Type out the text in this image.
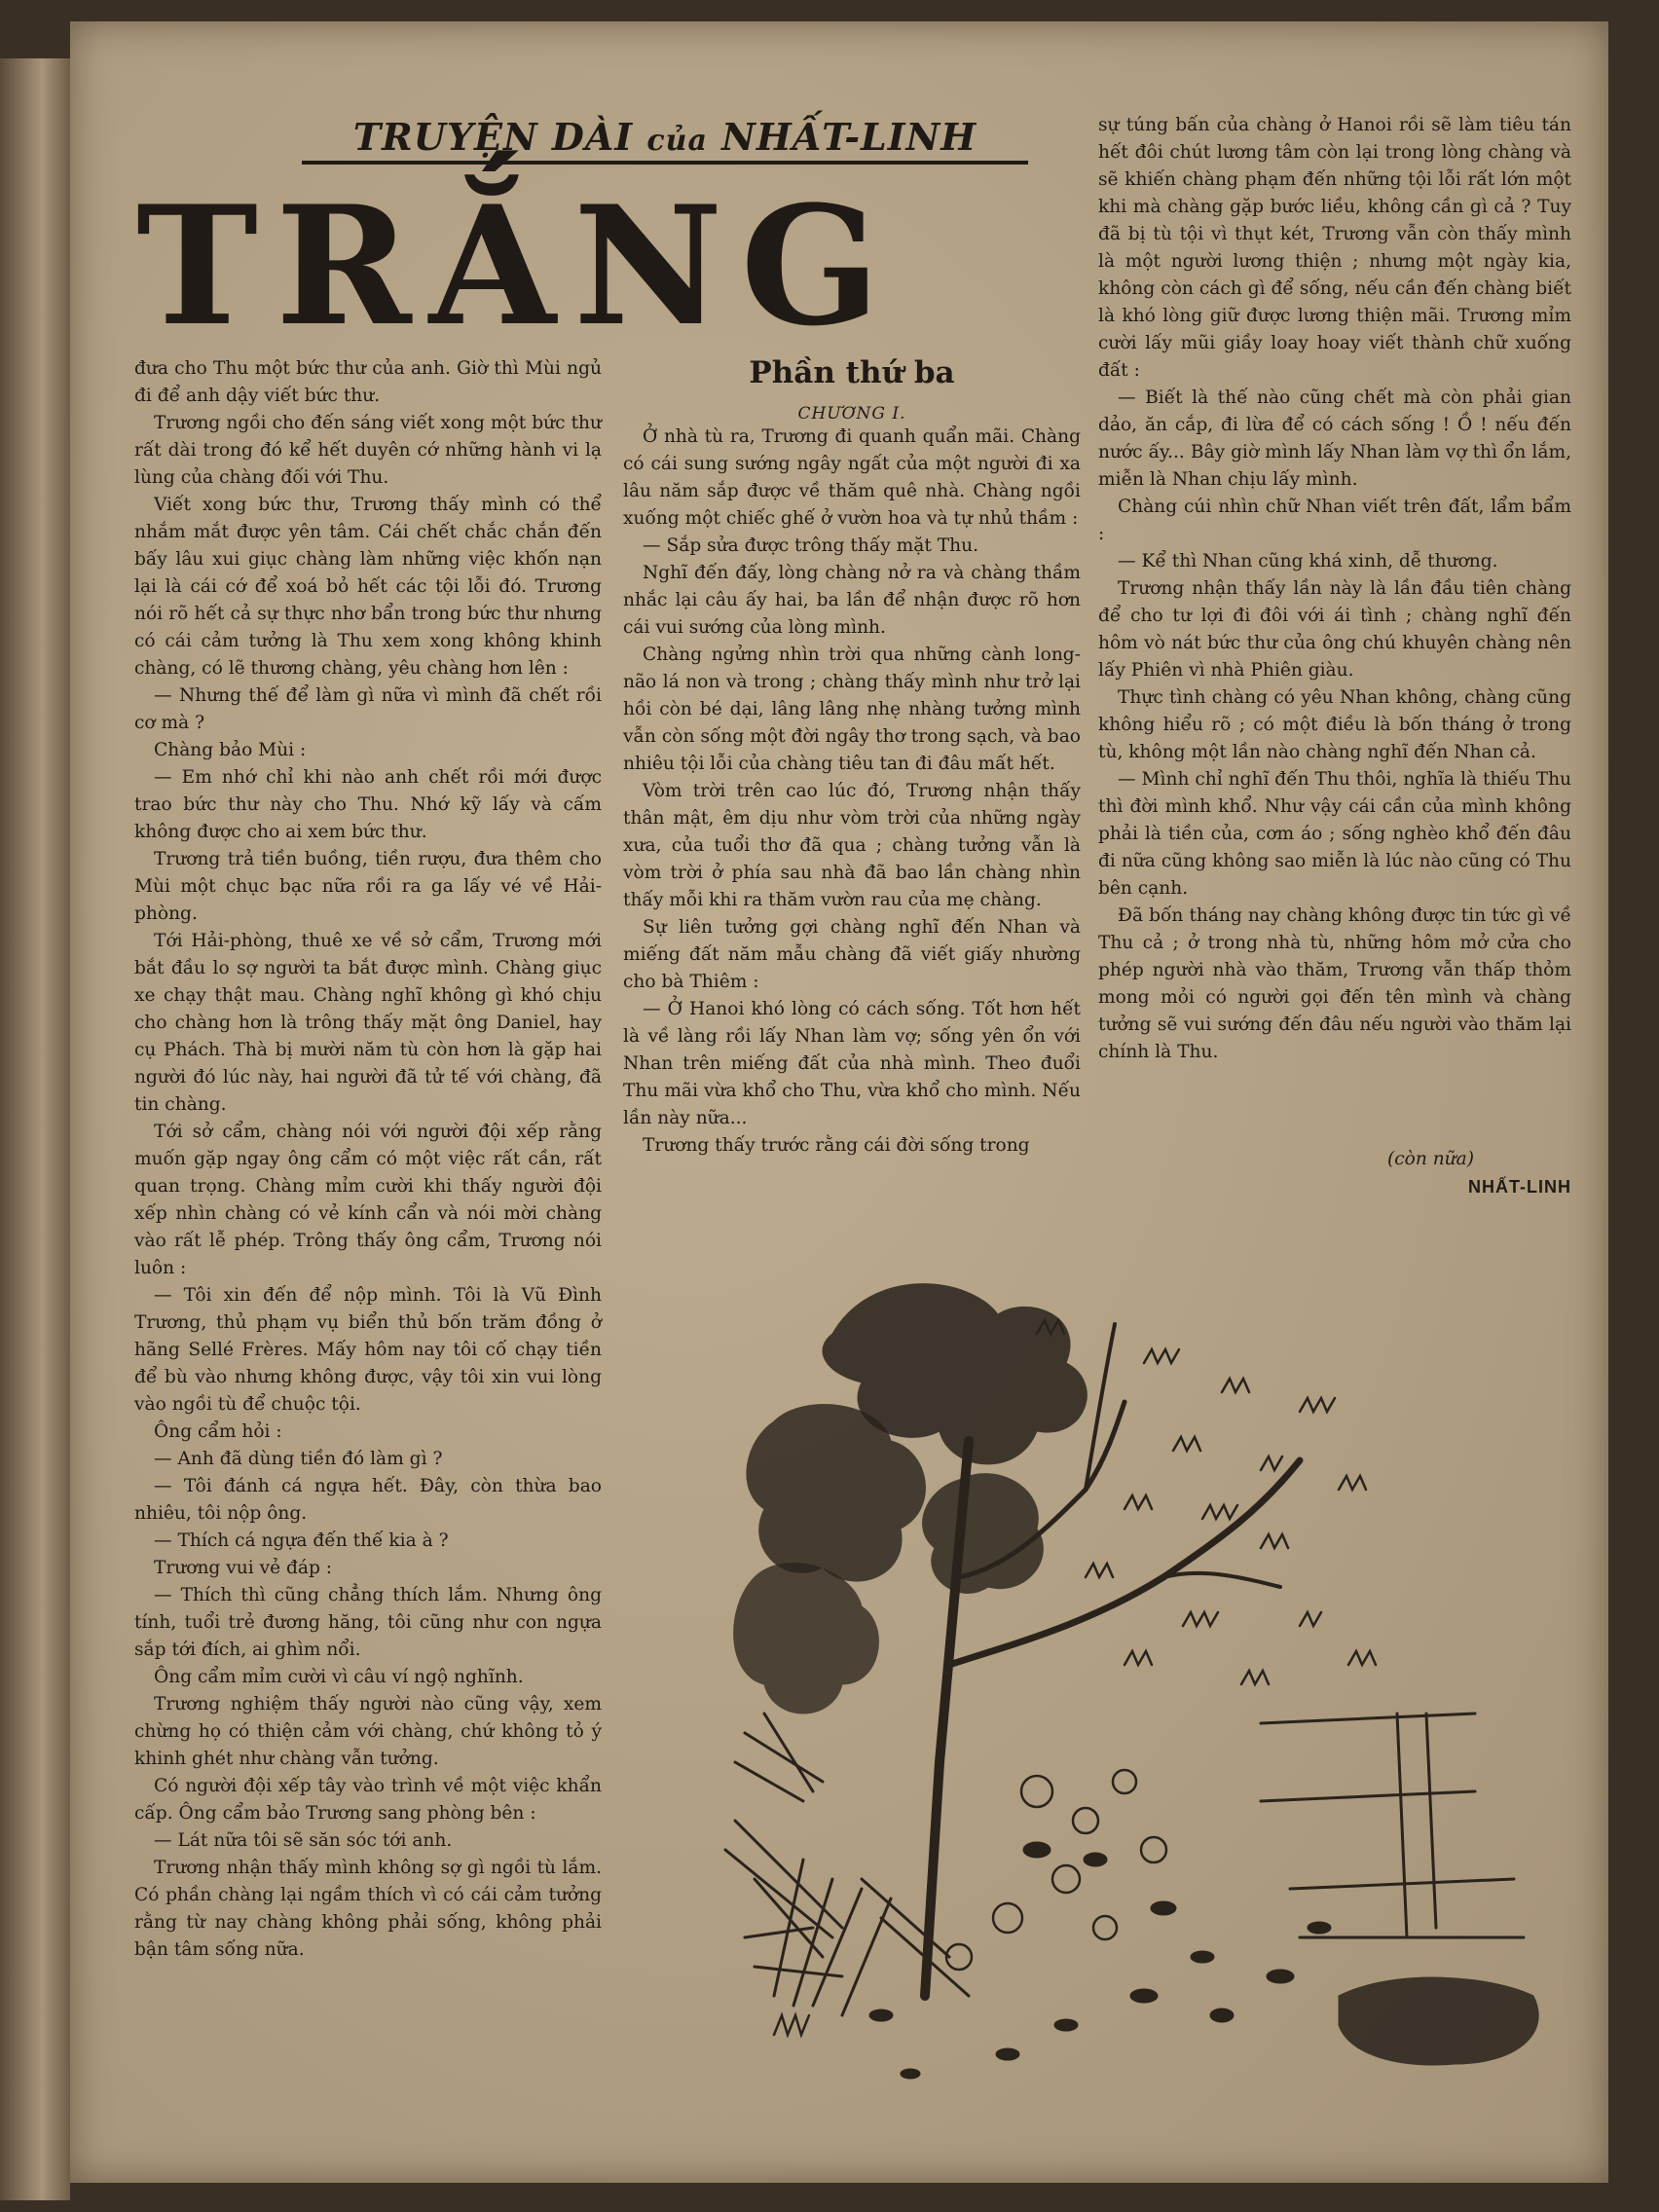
TRUYỆN DÀI của NHẤT-LINH
TRẮNG
Phần thứ ba
CHƯƠNG I.

đưa cho Thu một bức thư của anh. Giờ thì Mùi ngủ đi để anh dậy viết bức thư.

Trương ngồi cho đến sáng viết xong một bức thư rất dài trong đó kể hết duyên cớ những hành vi lạ lùng của chàng đối với Thu.

Viết xong bức thư, Trương thấy mình có thể nhắm mắt được yên tâm. Cái chết chắc chắn đến bấy lâu xui giục chàng làm những việc khốn nạn lại là cái cớ để xoá bỏ hết các tội lỗi đó. Trương nói rõ hết cả sự thực nhơ bẩn trong bức thư nhưng có cái cảm tưởng là Thu xem xong không khinh chàng, có lẽ thương chàng, yêu chàng hơn lên :

— Nhưng thế để làm gì nữa vì mình đã chết rồi cơ mà ?

Chàng bảo Mùi :

— Em nhớ chỉ khi nào anh chết rồi mới được trao bức thư này cho Thu. Nhớ kỹ lấy và cấm không được cho ai xem bức thư.

Trương trả tiền buồng, tiền rượu, đưa thêm cho Mùi một chục bạc nữa rồi ra ga lấy vé về Hải-phòng.

Tới Hải-phòng, thuê xe về sở cẩm, Trương mới bắt đầu lo sợ người ta bắt được mình. Chàng giục xe chạy thật mau. Chàng nghĩ không gì khó chịu cho chàng hơn là trông thấy mặt ông Daniel, hay cụ Phách. Thà bị mười năm tù còn hơn là gặp hai người đó lúc này, hai người đã tử tế với chàng, đã tin chàng.

Tới sở cẩm, chàng nói với người đội xếp rằng muốn gặp ngay ông cẩm có một việc rất cần, rất quan trọng. Chàng mỉm cười khi thấy người đội xếp nhìn chàng có vẻ kính cẩn và nói mời chàng vào rất lễ phép. Trông thấy ông cẩm, Trương nói luôn :

— Tôi xin đến để nộp mình. Tôi là Vũ Đình Trương, thủ phạm vụ biển thủ bốn trăm đồng ở hãng Sellé Frères. Mấy hôm nay tôi cố chạy tiền để bù vào nhưng không được, vậy tôi xin vui lòng vào ngồi tù để chuộc tội.

Ông cẩm hỏi :

— Anh đã dùng tiền đó làm gì ?

— Tôi đánh cá ngựa hết. Đây, còn thừa bao nhiêu, tôi nộp ông.

— Thích cá ngựa đến thế kia à ?

Trương vui vẻ đáp :

— Thích thì cũng chẳng thích lắm. Nhưng ông tính, tuổi trẻ đương hăng, tôi cũng như con ngựa sắp tới đích, ai ghìm nổi.

Ông cẩm mỉm cười vì câu ví ngộ nghĩnh.

Trương nghiệm thấy người nào cũng vậy, xem chừng họ có thiện cảm với chàng, chứ không tỏ ý khinh ghét như chàng vẫn tưởng.

Có người đội xếp tây vào trình về một việc khẩn cấp. Ông cẩm bảo Trương sang phòng bên :

— Lát nữa tôi sẽ săn sóc tới anh.

Trương nhận thấy mình không sợ gì ngồi tù lắm. Có phần chàng lại ngầm thích vì có cái cảm tưởng rằng từ nay chàng không phải sống, không phải bận tâm sống nữa.

Ở nhà tù ra, Trương đi quanh quẩn mãi. Chàng có cái sung sướng ngây ngất của một người đi xa lâu năm sắp được về thăm quê nhà. Chàng ngồi xuống một chiếc ghế ở vườn hoa và tự nhủ thầm :

— Sắp sửa được trông thấy mặt Thu.

Nghĩ đến đấy, lòng chàng nở ra và chàng thầm nhắc lại câu ấy hai, ba lần để nhận được rõ hơn cái vui sướng của lòng mình.

Chàng ngửng nhìn trời qua những cành long-não lá non và trong ; chàng thấy mình như trở lại hồi còn bé dại, lâng lâng nhẹ nhàng tưởng mình vẫn còn sống một đời ngây thơ trong sạch, và bao nhiêu tội lỗi của chàng tiêu tan đi đâu mất hết.

Vòm trời trên cao lúc đó, Trương nhận thấy thân mật, êm dịu như vòm trời của những ngày xưa, của tuổi thơ đã qua ; chàng tưởng vẫn là vòm trời ở phía sau nhà đã bao lần chàng nhìn thấy mỗi khi ra thăm vườn rau của mẹ chàng.

Sự liên tưởng gợi chàng nghĩ đến Nhan và miếng đất năm mẫu chàng đã viết giấy nhường cho bà Thiêm :

— Ở Hanoi khó lòng có cách sống. Tốt hơn hết là về làng rồi lấy Nhan làm vợ; sống yên ổn với Nhan trên miếng đất của nhà mình. Theo đuổi Thu mãi vừa khổ cho Thu, vừa khổ cho mình. Nếu lần này nữa...

Trương thấy trước rằng cái đời sống trong

sự túng bấn của chàng ở Hanoi rồi sẽ làm tiêu tán hết đôi chút lương tâm còn lại trong lòng chàng và sẽ khiến chàng phạm đến những tội lỗi rất lớn một khi mà chàng gặp bước liều, không cần gì cả ? Tuy đã bị tù tội vì thụt két, Trương vẫn còn thấy mình là một người lương thiện ; nhưng một ngày kia, không còn cách gì để sống, nếu cần đến chàng biết là khó lòng giữ được lương thiện mãi. Trương mỉm cười lấy mũi giầy loay hoay viết thành chữ xuống đất :

— Biết là thế nào cũng chết mà còn phải gian dảo, ăn cắp, đi lừa để có cách sống ! Ồ ! nếu đến nước ấy... Bây giờ mình lấy Nhan làm vợ thì ổn lắm, miễn là Nhan chịu lấy mình.

Chàng cúi nhìn chữ Nhan viết trên đất, lẩm bẩm :

— Kể thì Nhan cũng khá xinh, dễ thương.

Trương nhận thấy lần này là lần đầu tiên chàng để cho tư lợi đi đôi với ái tình ; chàng nghĩ đến hôm vò nát bức thư của ông chú khuyên chàng nên lấy Phiên vì nhà Phiên giàu.

Thực tình chàng có yêu Nhan không, chàng cũng không hiểu rõ ; có một điều là bốn tháng ở trong tù, không một lần nào chàng nghĩ đến Nhan cả.

— Mình chỉ nghĩ đến Thu thôi, nghĩa là thiếu Thu thì đời mình khổ. Như vậy cái cần của mình không phải là tiền của, cơm áo ; sống nghèo khổ đến đâu đi nữa cũng không sao miễn là lúc nào cũng có Thu bên cạnh.

Đã bốn tháng nay chàng không được tin tức gì về Thu cả ; ở trong nhà tù, những hôm mở cửa cho phép người nhà vào thăm, Trương vẫn thấp thỏm mong mỏi có người gọi đến tên mình và chàng tưởng sẽ vui sướng đến đâu nếu người vào thăm lại chính là Thu.

(còn nữa)
NHẤT-LINH
